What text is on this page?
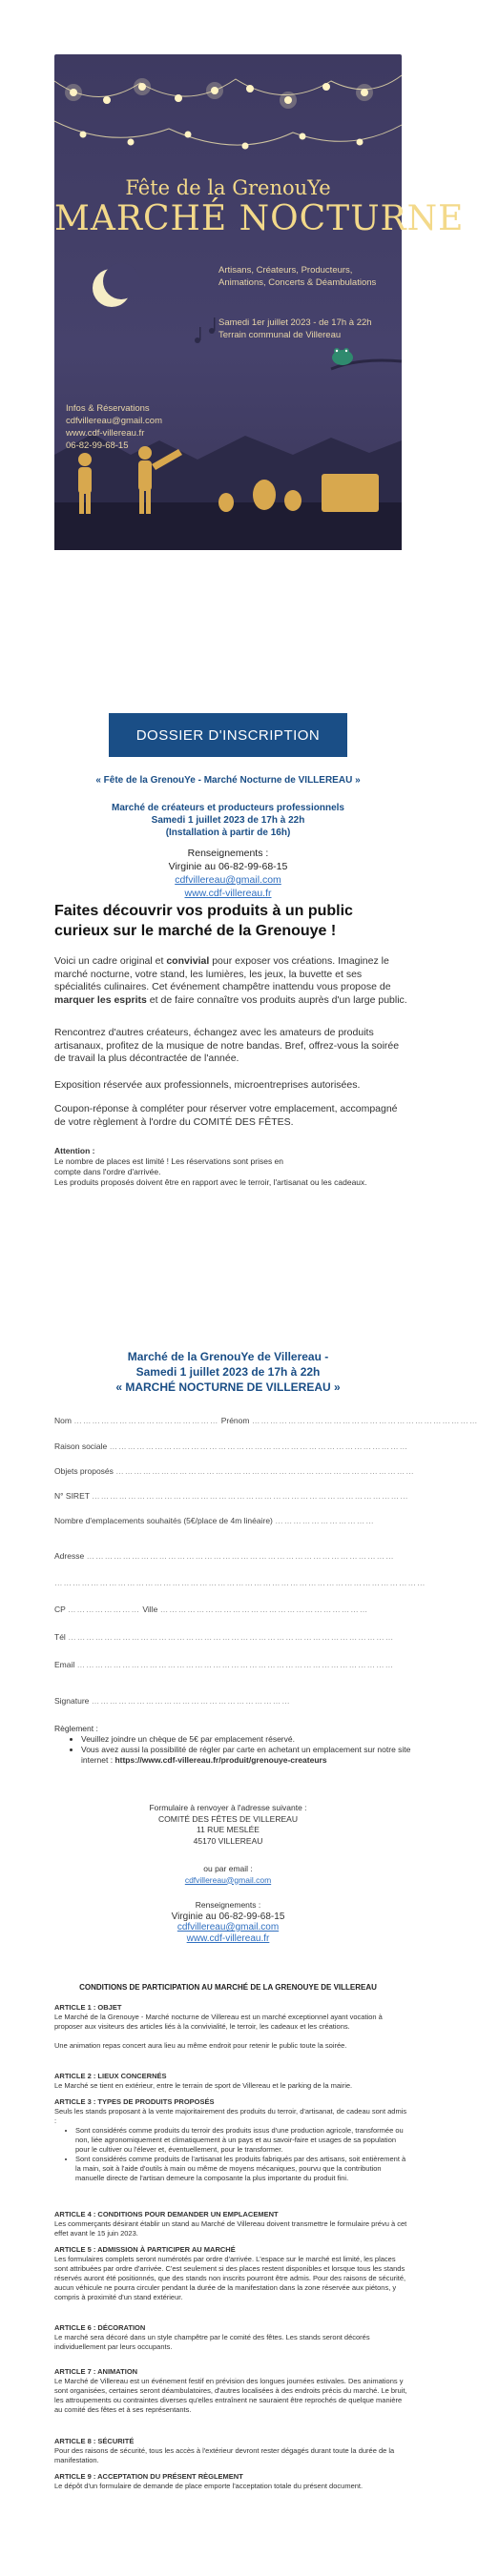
Fête de la GrenouYe
MARCHÉ NOCTURNE
Artisans, Créateurs, Producteurs,
Animations, Concerts & Déambulations
Samedi 1er juillet 2023 - de 17h à 22h
Terrain communal de Villereau
Infos & Réservations
cdfvillereau@gmail.com
www.cdf-villereau.fr
06-82-99-68-15
DOSSIER D'INSCRIPTION
« Fête de la GrenouYe - Marché Nocturne de VILLEREAU »
Marché de créateurs et producteurs professionnels
Samedi 1 juillet 2023 de 17h à 22h
(Installation à partir de 16h)
Renseignements :
Virginie au 06-82-99-68-15
cdfvillereau@gmail.com
www.cdf-villereau.fr
Faites découvrir vos produits à un public curieux sur le marché de la Grenouye !
Voici un cadre original et convivial pour exposer vos créations. Imaginez le marché nocturne, votre stand, les lumières, les jeux, la buvette et ses spécialités culinaires. Cet événement champêtre inattendu vous propose de marquer les esprits et de faire connaître vos produits auprès d'un large public.
Rencontrez d'autres créateurs, échangez avec les amateurs de produits artisanaux, profitez de la musique de notre bandas. Bref, offrez-vous la soirée de travail la plus décontractée de l'année.
Exposition réservée aux professionnels, microentreprises autorisées.
Coupon-réponse à compléter pour réserver votre emplacement, accompagné de votre règlement à l'ordre du COMITÉ DES FÊTES.
Attention :
Le nombre de places est limité ! Les réservations sont prises en
compte dans l'ordre d'arrivée.
Les produits proposés doivent être en rapport avec le terroir, l'artisanat ou les cadeaux.
Marché de la GrenouYe de Villereau -
Samedi 1 juillet 2023 de 17h à 22h
« MARCHÉ NOCTURNE DE VILLEREAU »
Nom ………………………………………… Prénom …………………………………………………………………
Raison sociale ………………………………………………………………………………………
Objets proposés ………………………………………………………………………………………
N° SIRET ……………………………………………………………………………………………
Nombre d'emplacements souhaités (5€/place de 4m linéaire) ……………………………
Adresse …………………………………………………………………………………………
……………………………………………………………………………………………………………
CP …………………… Ville ……………………………………………………………
Tél ………………………………………………………………………………………………
Email ……………………………………………………………………………………………
Signature …………………………………………………………
Règlement :
• Veuillez joindre un chèque de 5€ par emplacement réservé.
• Vous avez aussi la possibilité de régler par carte en achetant un emplacement sur notre site internet : https://www.cdf-villereau.fr/produit/grenouye-createurs
Formulaire à renvoyer à l'adresse suivante :
COMITÉ DES FÊTES DE VILLEREAU
11 RUE MESLÉE
45170 VILLEREAU
ou par email :
cdfvillereau@gmail.com
Renseignements :
Virginie au 06-82-99-68-15
cdfvillereau@gmail.com
www.cdf-villereau.fr
CONDITIONS DE PARTICIPATION AU MARCHÉ DE LA GRENOUYE DE VILLEREAU
ARTICLE 1 : OBJET
Le Marché de la Grenouye - Marché nocturne de Villereau est un marché exceptionnel ayant vocation à proposer aux visiteurs des articles liés à la convivialité, le terroir, les cadeaux et les créations.
Une animation repas concert aura lieu au même endroit pour retenir le public toute la soirée.
ARTICLE 2 : LIEUX CONCERNÉS
Le Marché se tient en extérieur, entre le terrain de sport de Villereau et le parking de la mairie.
ARTICLE 3 : TYPES DE PRODUITS PROPOSÉS
Seuls les stands proposant à la vente majoritairement des produits du terroir, d'artisanat, de cadeau sont admis :
• Sont considérés comme produits du terroir des produits issus d'une production agricole, transformée ou non, liée agronomiquement et climatiquement à un pays et au savoir-faire et usages de sa population pour le cultiver ou l'élever et, éventuellement, pour le transformer.
• Sont considérés comme produits de l'artisanat les produits fabriqués par des artisans, soit entièrement à la main, soit à l'aide d'outils à main ou même de moyens mécaniques, pourvu que la contribution manuelle directe de l'artisan demeure la composante la plus importante du produit fini.
ARTICLE 4 : CONDITIONS POUR DEMANDER UN EMPLACEMENT
Les commerçants désirant établir un stand au Marché de Villereau doivent transmettre le formulaire prévu à cet effet avant le 15 juin 2023.
ARTICLE 5 : ADMISSION À PARTICIPER AU MARCHÉ
Les formulaires complets seront numérotés par ordre d'arrivée. L'espace sur le marché est limité, les places sont attribuées par ordre d'arrivée. C'est seulement si des places restent disponibles et lorsque tous les stands réservés auront été positionnés, que des stands non inscrits pourront être admis. Pour des raisons de sécurité, aucun véhicule ne pourra circuler pendant la durée de la manifestation dans la zone réservée aux piétons, y compris à proximité d'un stand extérieur.
ARTICLE 6 : DÉCORATION
Le marché sera décoré dans un style champêtre par le comité des fêtes. Les stands seront décorés individuellement par leurs occupants.
ARTICLE 7 : ANIMATION
Le Marché de Villereau est un événement festif en prévision des longues journées estivales. Des animations y sont organisées, certaines seront déambulatoires, d'autres localisées à des endroits précis du marché. Le bruit, les attroupements ou contraintes diverses qu'elles entraînent ne sauraient être reprochés de quelque manière au comité des fêtes et à ses représentants.
ARTICLE 8 : SÉCURITÉ
Pour des raisons de sécurité, tous les accès à l'extérieur devront rester dégagés durant toute la durée de la manifestation.
ARTICLE 9 : ACCEPTATION DU PRÉSENT RÈGLEMENT
Le dépôt d'un formulaire de demande de place emporte l'acceptation totale du présent document.
